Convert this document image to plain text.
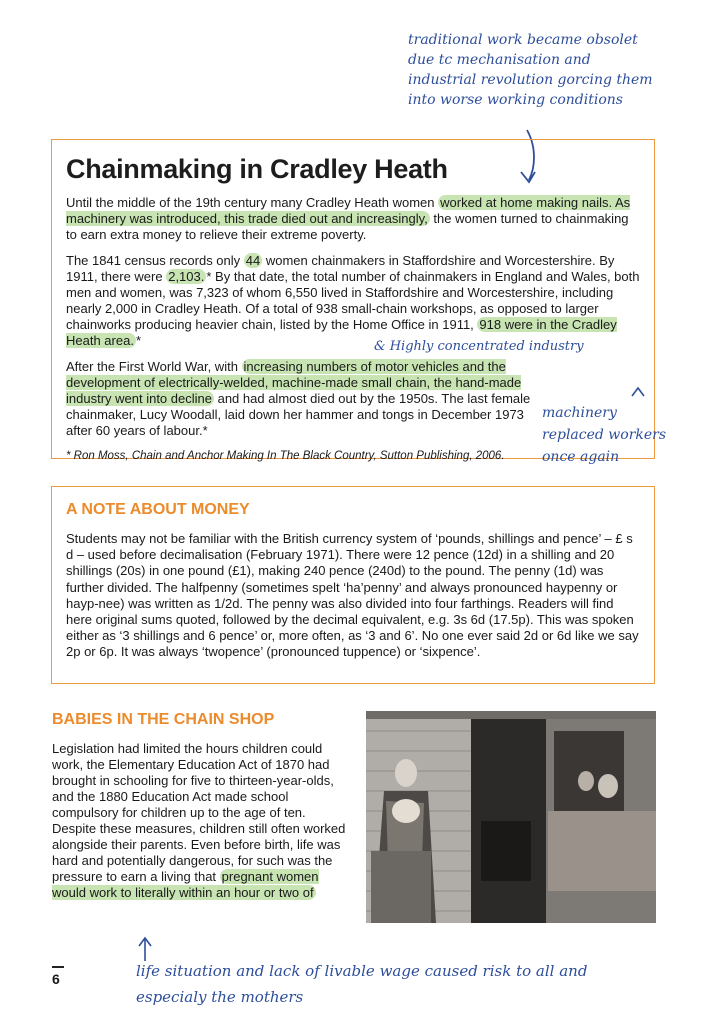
traditional work became obsolet due tc mechanisation and industrial revolution gorcing them into worse working conditions
Chainmaking in Cradley Heath

Until the middle of the 19th century many Cradley Heath women worked at home making nails. As machinery was introduced, this trade died out and increasingly, the women turned to chainmaking to earn extra money to relieve their extreme poverty.

The 1841 census records only 44 women chainmakers in Staffordshire and Worcestershire. By 1911, there were 2,103. * By that date, the total number of chainmakers in England and Wales, both men and women, was 7,323 of whom 6,550 lived in Staffordshire and Worcestershire, including nearly 2,000 in Cradley Heath. Of a total of 938 small-chain workshops, as opposed to larger chainworks producing heavier chain, listed by the Home Office in 1911, 918 were in the Cradley Heath area. *

After the First World War, with increasing numbers of motor vehicles and the development of electrically-welded, machine-made small chain, the hand-made industry went into decline and had almost died out by the 1950s. The last female chainmaker, Lucy Woodall, laid down her hammer and tongs in December 1973 after 60 years of labour.*

* Ron Moss, Chain and Anchor Making In The Black Country, Sutton Publishing, 2006.

& Highly concentrated industry
machinery replaced workers once again
A NOTE ABOUT MONEY

Students may not be familiar with the British currency system of ‘pounds, shillings and pence’ – £ s d – used before decimalisation (February 1971). There were 12 pence (12d) in a shilling and 20 shillings (20s) in one pound (£1), making 240 pence (240d) to the pound. The penny (1d) was further divided. The halfpenny (sometimes spelt ‘ha’penny’ and always pronounced haypenny or hayp-nee) was written as 1/2d. The penny was also divided into four farthings. Readers will find here original sums quoted, followed by the decimal equivalent, e.g. 3s 6d (17.5p). This was spoken either as ‘3 shillings and 6 pence’ or, more often, as ‘3 and 6’. No one ever said 2d or 6d like we say 2p or 6p. It was always ‘twopence’ (pronounced tuppence) or ‘sixpence’.

BABIES IN THE CHAIN SHOP

Legislation had limited the hours children could work, the Elementary Education Act of 1870 had brought in schooling for five to thirteen-year-olds, and the 1880 Education Act made school compulsory for children up to the age of ten. Despite these measures, children still often worked alongside their parents. Even before birth, life was hard and potentially dangerous, for such was the pressure to earn a living that pregnant women would work to literally within an hour or two of

life situation and lack of livable wage caused risk to all and especialy the mothers
6
